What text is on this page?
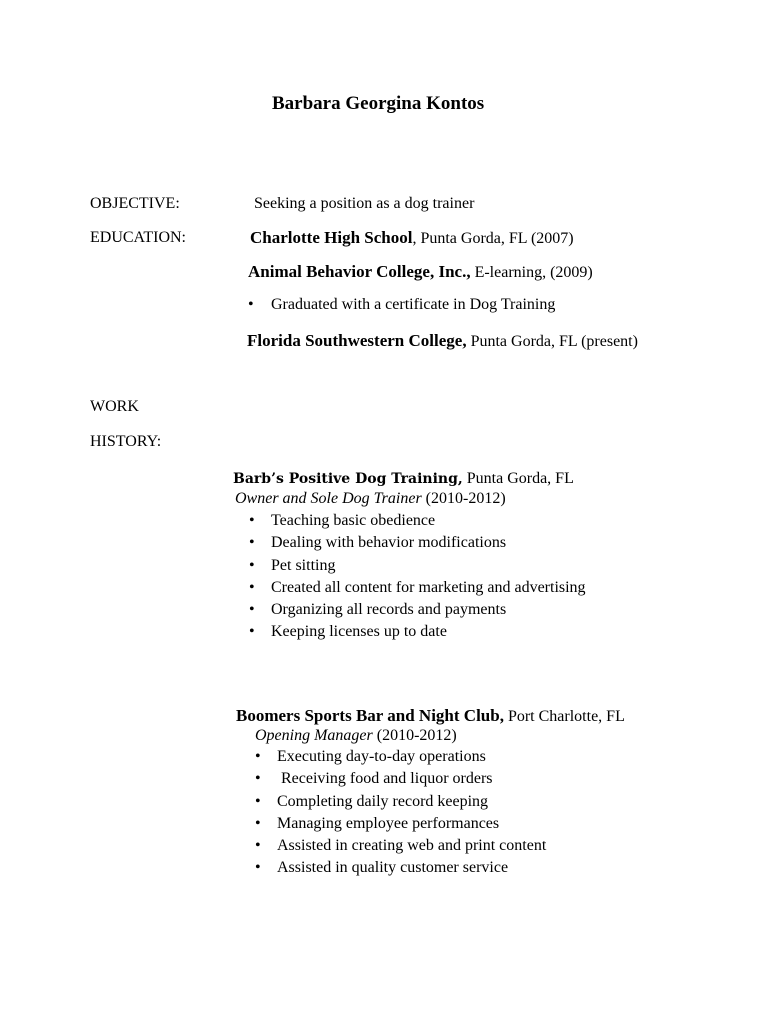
Barbara Georgina Kontos
OBJECTIVE:	Seeking a position as a dog trainer
EDUCATION:	Charlotte High School, Punta Gorda, FL (2007)
Animal Behavior College, Inc., E-learning, (2009)
• Graduated with a certificate in Dog Training
Florida Southwestern College, Punta Gorda, FL (present)
WORK
HISTORY:
Barb’s Positive Dog Training, Punta Gorda, FL
Owner and Sole Dog Trainer (2010-2012)
• Teaching basic obedience
• Dealing with behavior modifications
• Pet sitting
• Created all content for marketing and advertising
• Organizing all records and payments
• Keeping licenses up to date
Boomers Sports Bar and Night Club, Port Charlotte, FL
Opening Manager (2010-2012)
• Executing day-to-day operations
• Receiving food and liquor orders
• Completing daily record keeping
• Managing employee performances
• Assisted in creating web and print content
• Assisted in quality customer service
